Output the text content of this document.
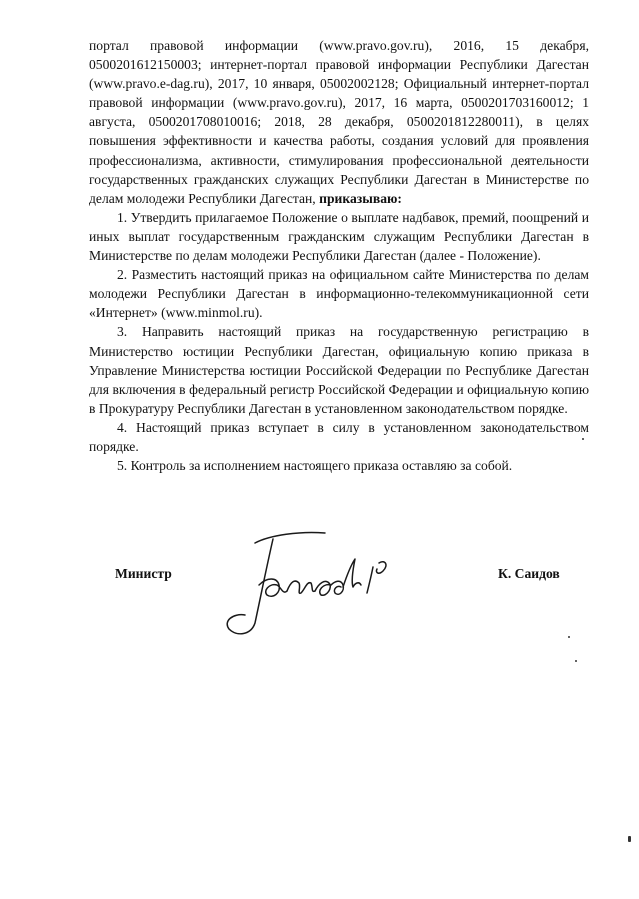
портал правовой информации (www.pravo.gov.ru), 2016, 15 декабря, 0500201612150003; интернет-портал правовой информации Республики Дагестан (www.pravo.e-dag.ru), 2017, 10 января, 05002002128; Официальный интернет-портал правовой информации (www.pravo.gov.ru), 2017, 16 марта, 0500201703160012; 1 августа, 0500201708010016; 2018, 28 декабря, 0500201812280011), в целях повышения эффективности и качества работы, создания условий для проявления профессионализма, активности, стимулирования профессиональной деятельности государственных гражданских служащих Республики Дагестан в Министерстве по делам молодежи Республики Дагестан, приказываю:

1. Утвердить прилагаемое Положение о выплате надбавок, премий, поощрений и иных выплат государственным гражданским служащим Республики Дагестан в Министерстве по делам молодежи Республики Дагестан (далее - Положение).

2. Разместить настоящий приказ на официальном сайте Министерства по делам молодежи Республики Дагестан в информационно-телекоммуникационной сети «Интернет» (www.minmol.ru).

3. Направить настоящий приказ на государственную регистрацию в Министерство юстиции Республики Дагестан, официальную копию приказа в Управление Министерства юстиции Российской Федерации по Республике Дагестан для включения в федеральный регистр Российской Федерации и официальную копию в Прокуратуру Республики Дагестан в установленном законодательством порядке.

4. Настоящий приказ вступает в силу в установленном законодательством порядке.

5. Контроль за исполнением настоящего приказа оставляю за собой.

Министр	К. Саидов
